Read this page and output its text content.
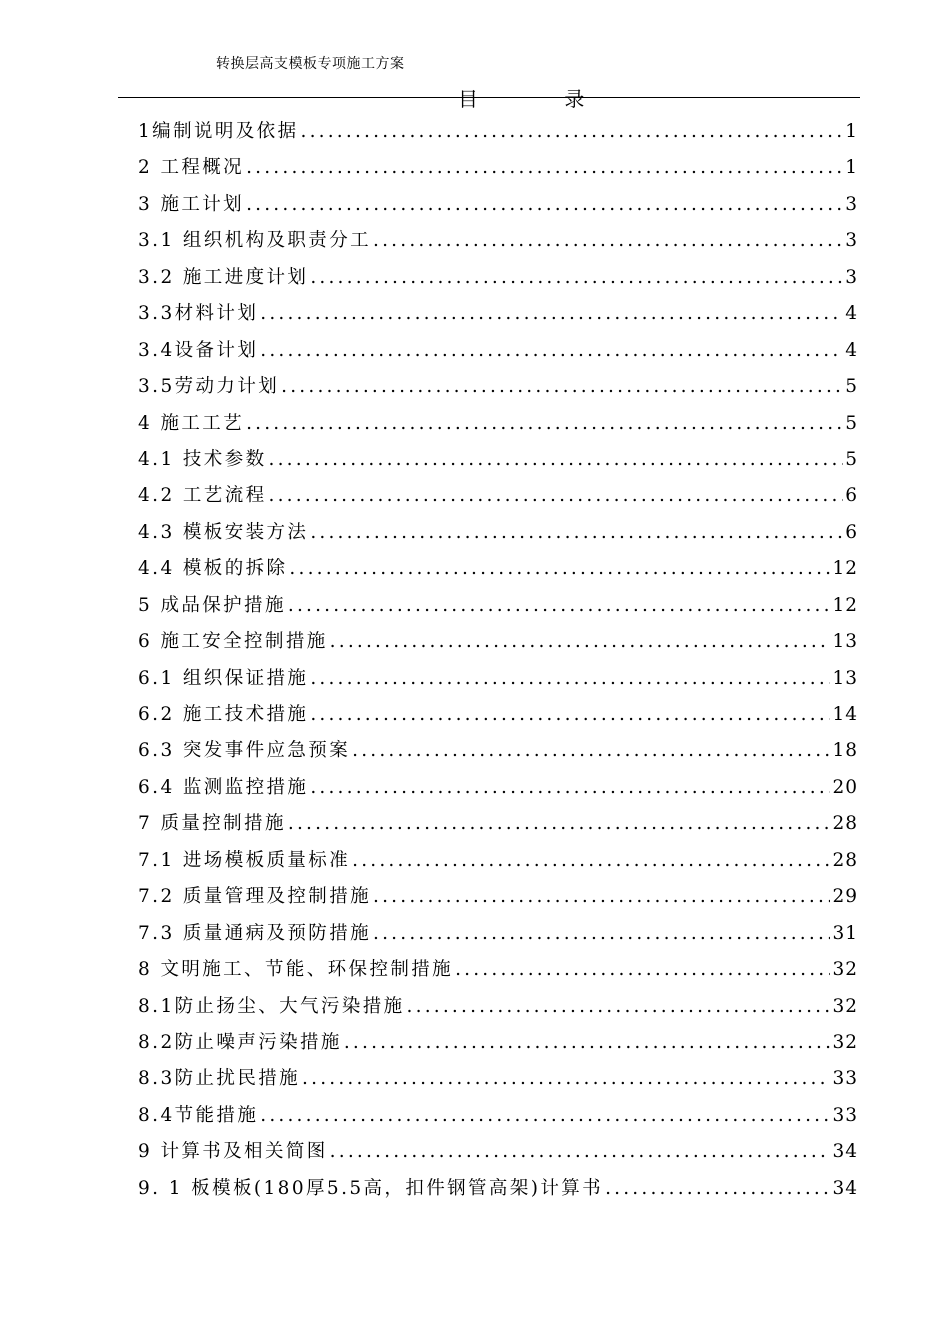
转换层高支模板专项施工方案
目 录
1编制说明及依据 .....	1
2 工程概况 .....	1
3 施工计划 .....	3
3.1 组织机构及职责分工 .....	3
3.2 施工进度计划 .....	3
3.3材料计划 .....	4
3.4设备计划 .....	4
3.5劳动力计划 .....	5
4 施工工艺 .....	5
4.1 技术参数 .....	5
4.2 工艺流程 .....	6
4.3 模板安装方法 .....	6
4.4 模板的拆除 .....	12
5 成品保护措施 .....	12
6 施工安全控制措施 .....	13
6.1 组织保证措施 .....	13
6.2 施工技术措施 .....	14
6.3 突发事件应急预案 .....	18
6.4 监测监控措施 .....	20
7 质量控制措施 .....	28
7.1 进场模板质量标准 .....	28
7.2 质量管理及控制措施 .....	29
7.3 质量通病及预防措施 .....	31
8 文明施工、节能、环保控制措施 .....	32
8.1防止扬尘、大气污染措施 .....	32
8.2防止噪声污染措施 .....	32
8.3防止扰民措施 .....	33
8.4节能措施 .....	33
9 计算书及相关简图 .....	34
9. 1 板模板(180厚5.5高，扣件钢管高架)计算书 .....	34
